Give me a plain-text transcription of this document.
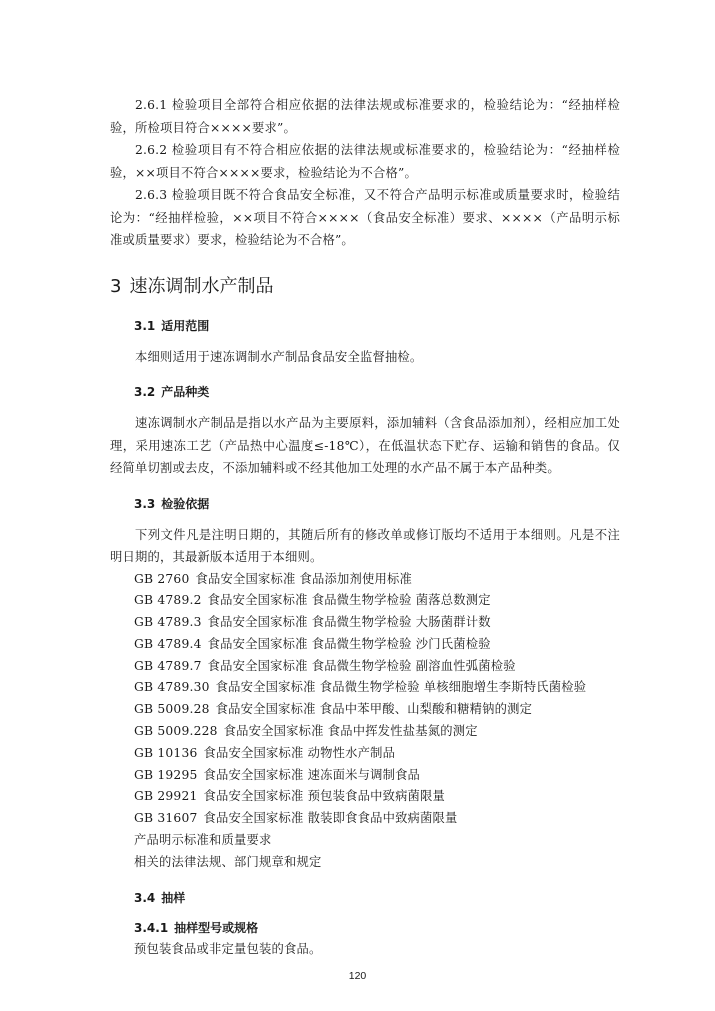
2.6.1 检验项目全部符合相应依据的法律法规或标准要求的，检验结论为：“经抽样检验，所检项目符合××××要求”。

2.6.2 检验项目有不符合相应依据的法律法规或标准要求的，检验结论为：“经抽样检验，××项目不符合××××要求，检验结论为不合格”。

2.6.3 检验项目既不符合食品安全标准，又不符合产品明示标准或质量要求时，检验结论为：“经抽样检验，××项目不符合××××（食品安全标准）要求、××××（产品明示标准或质量要求）要求，检验结论为不合格”。

3 速冻调制水产制品
3.1 适用范围

本细则适用于速冻调制水产制品食品安全监督抽检。

3.2 产品种类

速冻调制水产制品是指以水产品为主要原料，添加辅料（含食品添加剂），经相应加工处理，采用速冻工艺（产品热中心温度≤-18℃），在低温状态下贮存、运输和销售的食品。仅经简单切割或去皮，不添加辅料或不经其他加工处理的水产品不属于本产品种类。

3.3 检验依据

下列文件凡是注明日期的，其随后所有的修改单或修订版均不适用于本细则。凡是不注明日期的，其最新版本适用于本细则。

GB 2760 食品安全国家标准 食品添加剂使用标准
GB 4789.2 食品安全国家标准 食品微生物学检验 菌落总数测定
GB 4789.3 食品安全国家标准 食品微生物学检验 大肠菌群计数
GB 4789.4 食品安全国家标准 食品微生物学检验 沙门氏菌检验
GB 4789.7 食品安全国家标准 食品微生物学检验 副溶血性弧菌检验
GB 4789.30 食品安全国家标准 食品微生物学检验 单核细胞增生李斯特氏菌检验
GB 5009.28 食品安全国家标准 食品中苯甲酸、山梨酸和糖精钠的测定
GB 5009.228 食品安全国家标准 食品中挥发性盐基氮的测定
GB 10136 食品安全国家标准 动物性水产制品
GB 19295 食品安全国家标准 速冻面米与调制食品
GB 29921 食品安全国家标准 预包装食品中致病菌限量
GB 31607 食品安全国家标准 散装即食食品中致病菌限量
产品明示标准和质量要求
相关的法律法规、部门规章和规定
3.4 抽样
3.4.1 抽样型号或规格

预包装食品或非定量包装的食品。

120
